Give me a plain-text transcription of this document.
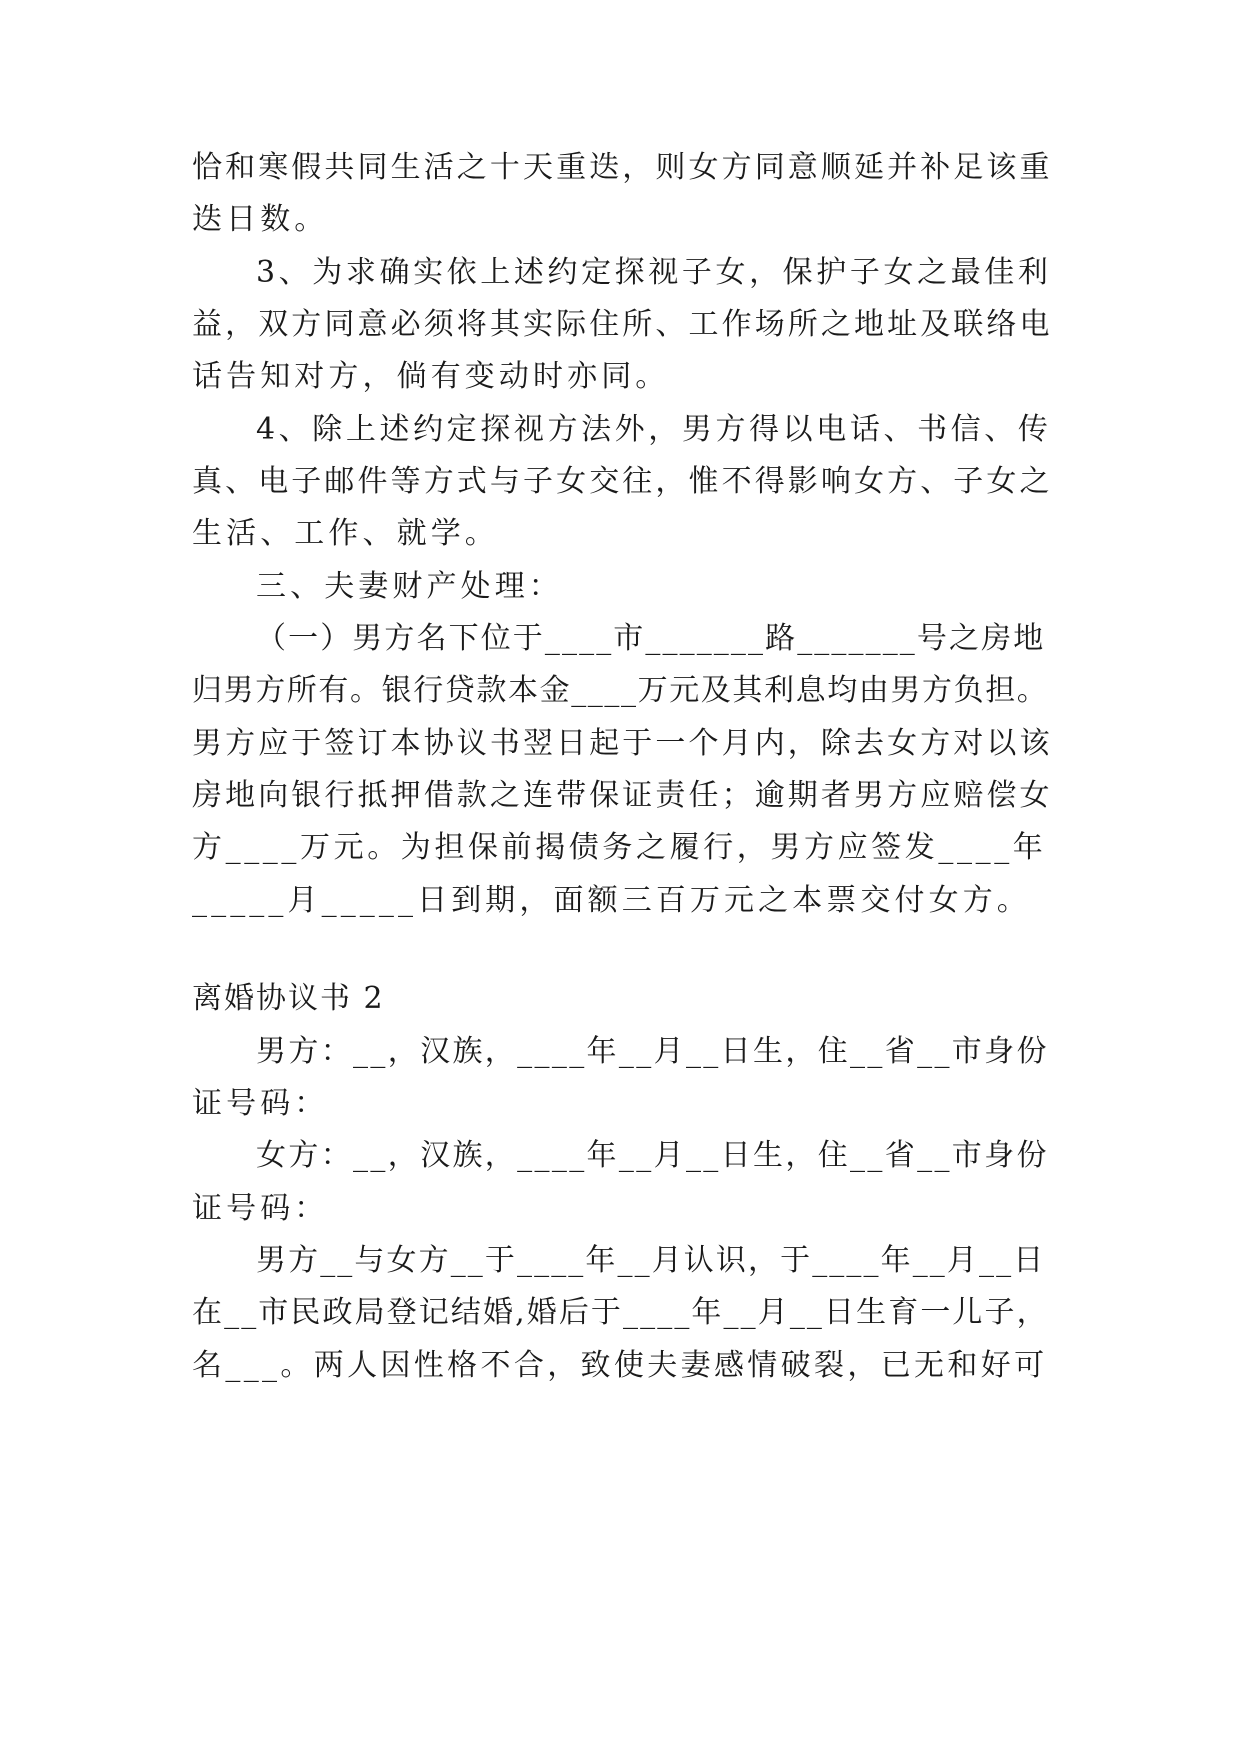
恰和寒假共同生活之十天重迭，则女方同意顺延并补足该重
迭日数。
3、为求确实依上述约定探视子女，保护子女之最佳利
益，双方同意必须将其实际住所、工作场所之地址及联络电
话告知对方，倘有变动时亦同。
4、除上述约定探视方法外，男方得以电话、书信、传
真、电子邮件等方式与子女交往，惟不得影响女方、子女之
生活、工作、就学。
三、夫妻财产处理：
（一）男方名下位于____市_______路_______号之房地
归男方所有。银行贷款本金____万元及其利息均由男方负担。
男方应于签订本协议书翌日起于一个月内，除去女方对以该
房地向银行抵押借款之连带保证责任；逾期者男方应赔偿女
方____万元。为担保前揭债务之履行，男方应签发____年
_____月_____日到期，面额三百万元之本票交付女方。
离婚协议书 2
男方：__，汉族，____年__月__日生，住__省__市身份
证号码：
女方：__，汉族，____年__月__日生，住__省__市身份
证号码：
男方__与女方__于____年__月认识，于____年__月__日
在__市民政局登记结婚,婚后于____年__月__日生育一儿子，
名___。两人因性格不合，致使夫妻感情破裂，已无和好可
